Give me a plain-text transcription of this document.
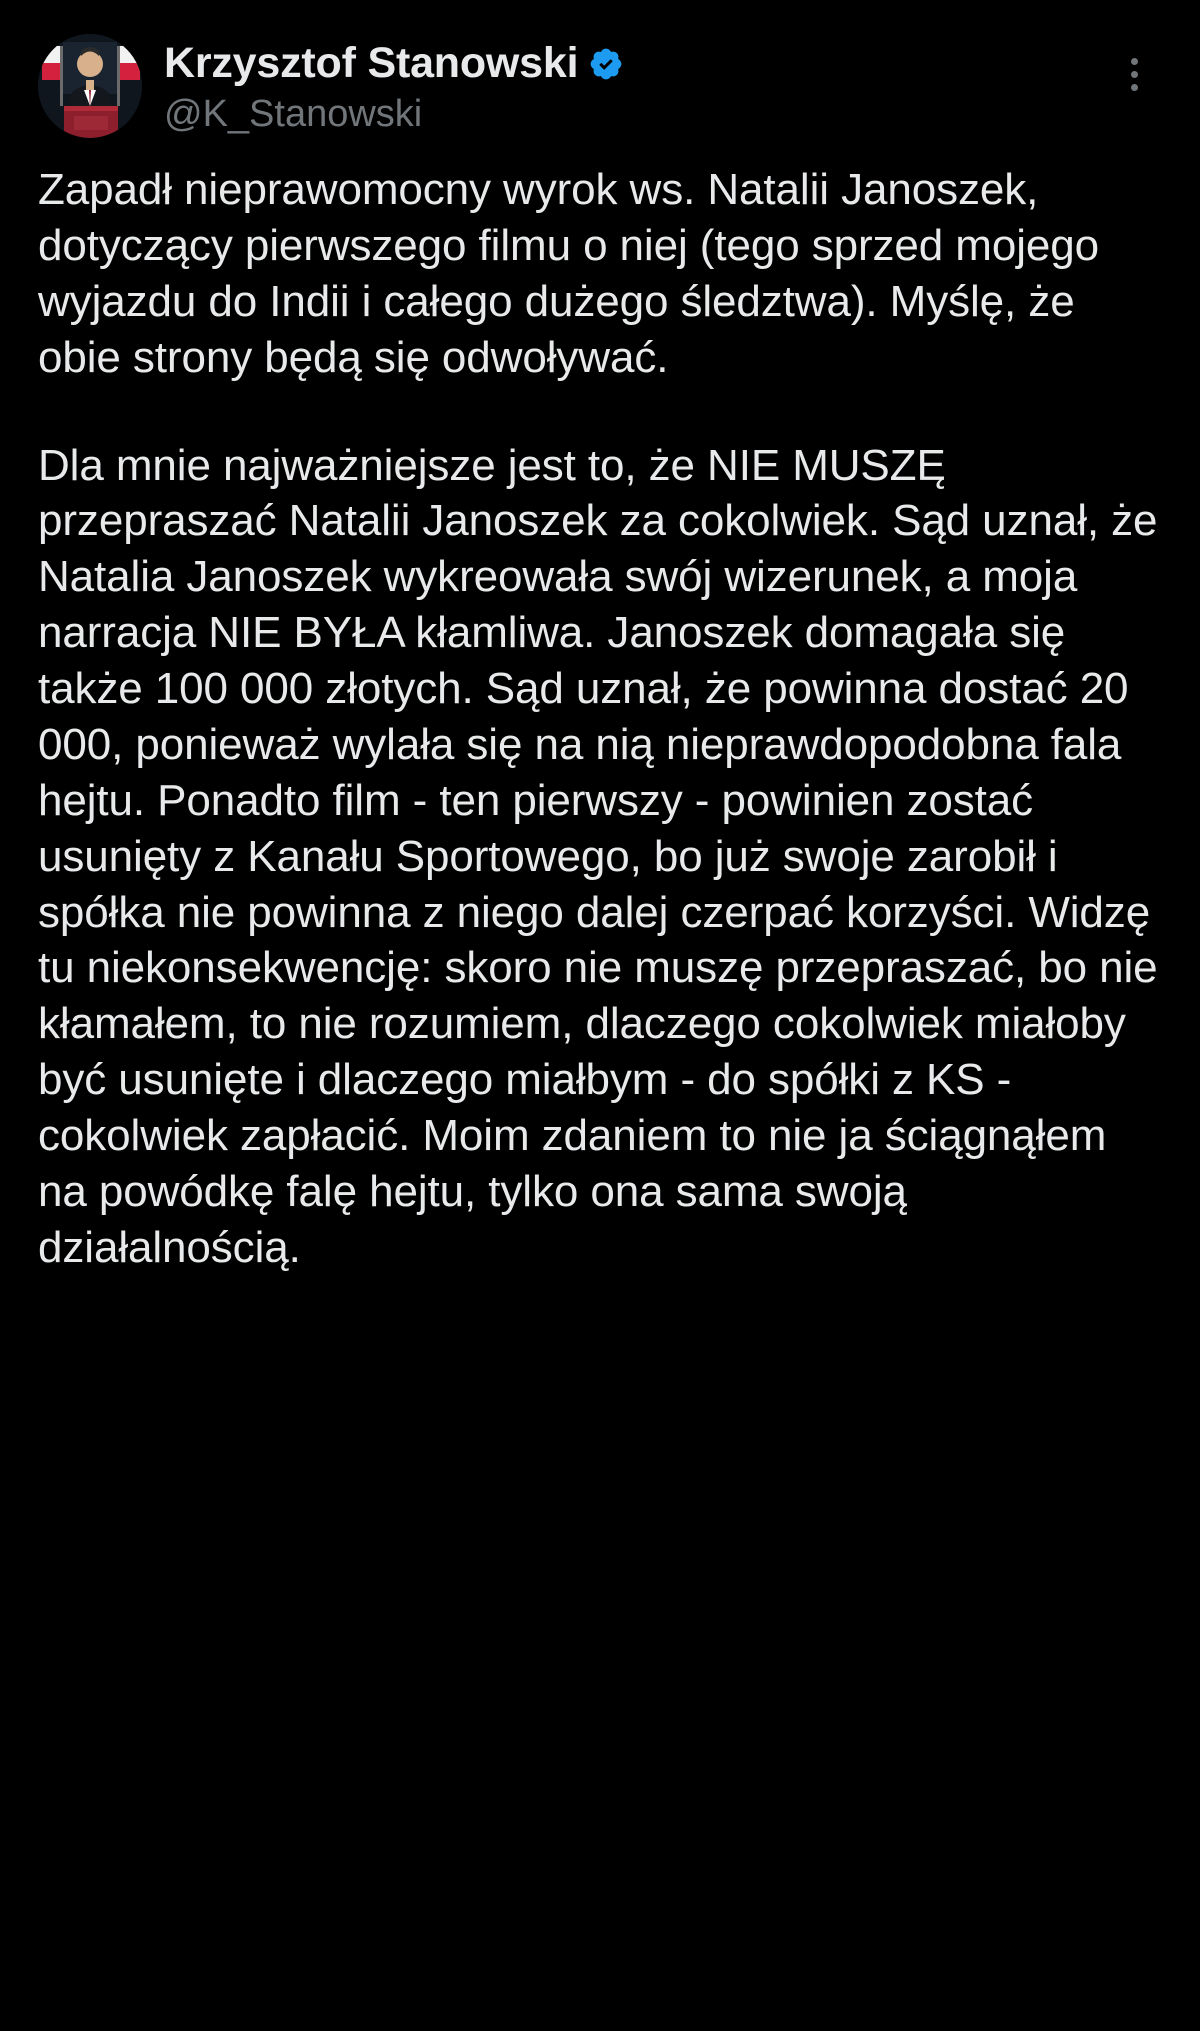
Krzysztof Stanowski
@K_Stanowski

Zapadł nieprawomocny wyrok ws. Natalii Janoszek, dotyczący pierwszego filmu o niej (tego sprzed mojego wyjazdu do Indii i całego dużego śledztwa). Myślę, że obie strony będą się odwoływać.

Dla mnie najważniejsze jest to, że NIE MUSZĘ przepraszać Natalii Janoszek za cokolwiek. Sąd uznał, że Natalia Janoszek wykreowała swój wizerunek, a moja narracja NIE BYŁA kłamliwa. Janoszek domagała się także 100 000 złotych. Sąd uznał, że powinna dostać 20 000, ponieważ wylała się na nią nieprawdopodobna fala hejtu. Ponadto film - ten pierwszy - powinien zostać usunięty z Kanału Sportowego, bo już swoje zarobił i spółka nie powinna z niego dalej czerpać korzyści. Widzę tu niekonsekwencję: skoro nie muszę przepraszać, bo nie kłamałem, to nie rozumiem, dlaczego cokolwiek miałoby być usunięte i dlaczego miałbym - do spółki z KS - cokolwiek zapłacić. Moim zdaniem to nie ja ściągnąłem na powódkę falę hejtu, tylko ona sama swoją działalnością.
